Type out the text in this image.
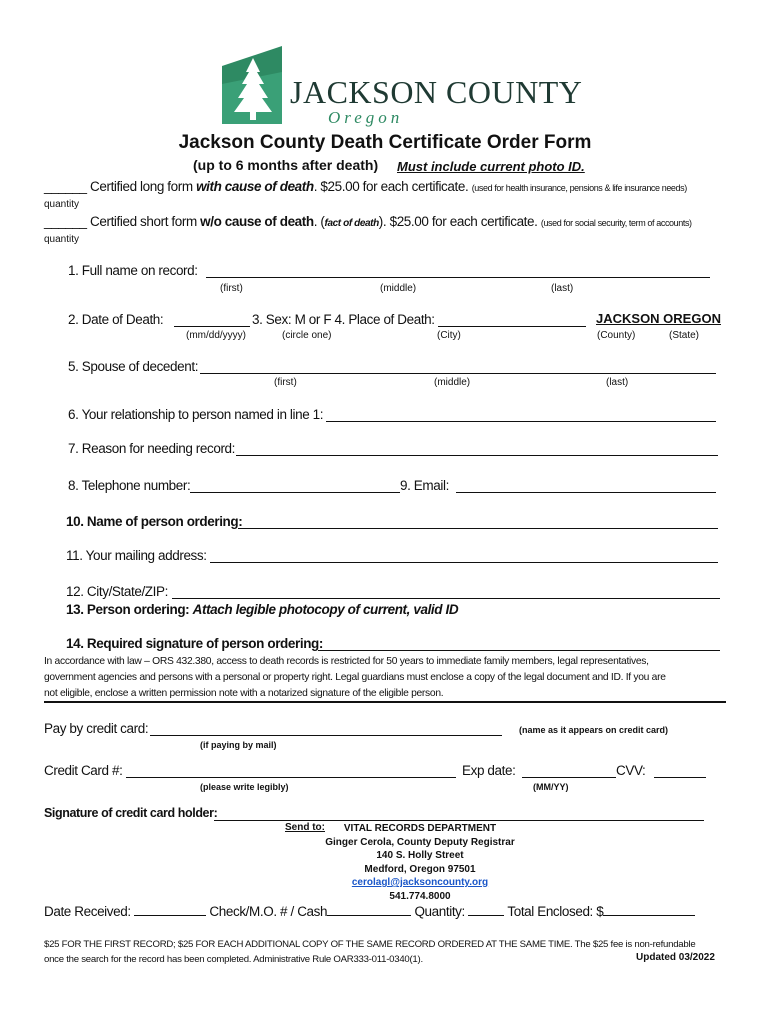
JACKSON COUNTY
Oregon
Jackson County Death Certificate Order Form
(up to 6 months after death) Must include current photo ID.
______ Certified long form with cause of death. $25.00 for each certificate. (used for health insurance, pensions & life insurance needs)
quantity
______ Certified short form w/o cause of death. (fact of death). $25.00 for each certificate. (used for social security, term of accounts)
quantity
1. Full name on record:
(first)	(middle)	(last)
2. Date of Death:	3. Sex: M or F 4. Place of Death:	JACKSON OREGON
(mm/dd/yyyy)	(circle one)	(City)	(County)	(State)
5. Spouse of decedent:
(first)	(middle)	(last)
6. Your relationship to person named in line 1:
7. Reason for needing record:
8. Telephone number:	9. Email:
10. Name of person ordering:
11. Your mailing address:
12. City/State/ZIP:
13. Person ordering: Attach legible photocopy of current, valid ID
14. Required signature of person ordering:
In accordance with law – ORS 432.380, access to death records is restricted for 50 years to immediate family members, legal representatives,
government agencies and persons with a personal or property right. Legal guardians must enclose a copy of the legal document and ID. If you are
not eligible, enclose a written permission note with a notarized signature of the eligible person.
Pay by credit card:	(name as it appears on credit card)
(if paying by mail)
Credit Card #:	Exp date:	CVV:
(please write legibly)	(MM/YY)
Signature of credit card holder:
Send to:	VITAL RECORDS DEPARTMENT
Ginger Cerola, County Deputy Registrar
140 S. Holly Street
Medford, Oregon 97501
cerolagl@jacksoncounty.org
541.774.8000
Date Received:	Check/M.O. # / Cash	Quantity:	Total Enclosed: $
$25 FOR THE FIRST RECORD; $25 FOR EACH ADDITIONAL COPY OF THE SAME RECORD ORDERED AT THE SAME TIME. The $25 fee is non-refundable
once the search for the record has been completed. Administrative Rule OAR333-011-0340(1).	Updated 03/2022
